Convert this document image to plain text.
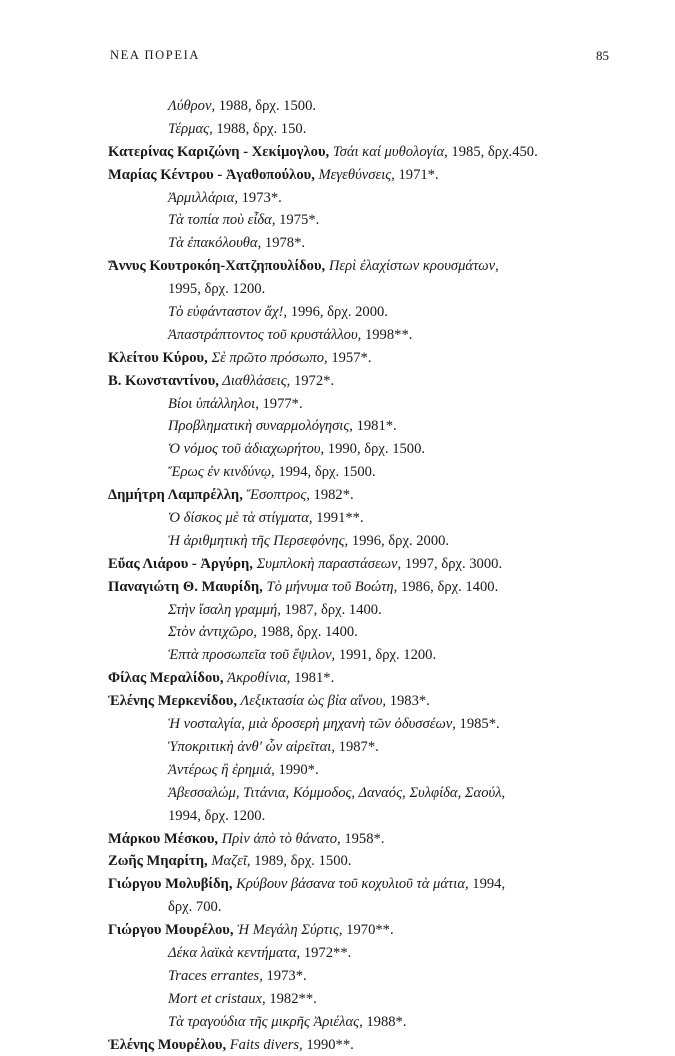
ΝΕΑ ΠΟΡΕΙΑ	85
Λύθρον, 1988, δρχ. 1500.
Τέρμας, 1988, δρχ. 150.
Κατερίνας Καριζώνη - Χεκίμογλου, Τσάι καί μυθολογία, 1985, δρχ.450.
Μαρίας Κέντρου - Ἀγαθοπούλου, Μεγεθύνσεις, 1971*.
Ἀρμιλλάρια, 1973*.
Τὰ τοπία ποὺ εἶδα, 1975*.
Τὰ ἐπακόλουθα, 1978*.
Ἄννυς Κουτροκόη-Χατζηπουλίδου, Περὶ ἐλαχίστων κρουσμάτων,
1995, δρχ. 1200.
Τὸ εὐφάνταστον ἄχ!, 1996, δρχ. 2000.
Ἀπαστράπτοντος τοῦ κρυστάλλου, 1998**.
Κλείτου Κύρου, Σὲ πρῶτο πρόσωπο, 1957*.
Β. Κωνσταντίνου, Διαθλάσεις, 1972*.
Βίοι ὑπάλληλοι, 1977*.
Προβληματικὴ συναρμολόγησις, 1981*.
Ὁ νόμος τοῦ ἀδιαχωρήτου, 1990, δρχ. 1500.
Ἔρως ἐν κινδύνῳ, 1994, δρχ. 1500.
Δημήτρη Λαμπρέλλη, Ἔσοπτρος, 1982*.
Ὁ δίσκος μὲ τὰ στίγματα, 1991**.
Ἡ ἀριθμητικὴ τῆς Περσεφόνης, 1996, δρχ. 2000.
Εὔας Λιάρου - Ἀργύρη, Συμπλοκὴ παραστάσεων, 1997, δρχ. 3000.
Παναγιώτη Θ. Μαυρίδη, Τὸ μήνυμα τοῦ Βοώτη, 1986, δρχ. 1400.
Στὴν ἴσαλη γραμμή, 1987, δρχ. 1400.
Στὸν ἀντιχῶρο, 1988, δρχ. 1400.
Ἑπτὰ προσωπεῖα τοῦ ἔψιλον, 1991, δρχ. 1200.
Φίλας Μεραλίδου, Ἀκροθίνια, 1981*.
Ἑλένης Μερκενίδου, Λεξικτασία ὡς βία αἴνου, 1983*.
Ἡ νοσταλγία, μιὰ δροσερὴ μηχανὴ τῶν ὀδυσσέων, 1985*.
Ὑποκριτικὴ ἀνθ' ὧν αἱρεῖται, 1987*.
Ἀντέρως ἢ ἐρημιά, 1990*.
Ἀβεσσαλώμ, Τιτάνια, Κόμμοδος, Δαναός, Συλφίδα, Σαούλ,
1994, δρχ. 1200.
Μάρκου Μέσκου, Πρὶν ἀπὸ τὸ θάνατο, 1958*.
Ζωῆς Μηαρίτη, Μαζεῖ, 1989, δρχ. 1500.
Γιώργου Μολυβίδη, Κρύβουν βάσανα τοῦ κοχυλιοῦ τὰ μάτια, 1994,
δρχ. 700.
Γιώργου Μουρέλου, Ἡ Μεγάλη Σύρτις, 1970**.
Δέκα λαϊκὰ κεντήματα, 1972**.
Traces errantes, 1973*.
Mort et cristaux, 1982**.
Τὰ τραγούδια τῆς μικρῆς Ἀριέλας, 1988*.
Ἑλένης Μουρέλου, Faits divers, 1990**.
